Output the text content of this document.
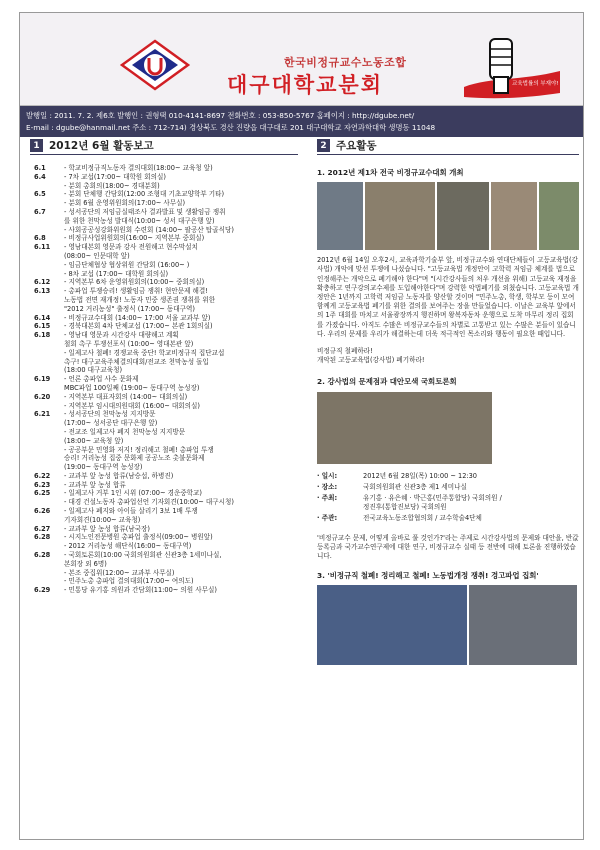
한국비정규교수노동조합
대구대학교분회	교육법률의 부재야!
발행일 : 2011. 7. 2. 제6호 발행인 : 권형택 010-4141-8697 전화번호 : 053-850-5767 홈페이지 : http://dgube.net/
E-mail : dgube@hanmail.net 주소 : 712-714) 경상북도 경산 진량읍 대구대로 201 대구대학교 자연과학대학 생명동 11048
1 2012년 6월 활동보고	2 주요활동
6.1	- 학교비정규직노동자 결의대회(18:00~ 교육청 앞)
6.4	- 7차 교섭(17:00~ 대학원 회의실)
- 분회 총회의(18:00~ 경대분회)
6.5	- 분회 단체행 간담회(12:00 조형대 기초교양학부 기타)
- 분회 6월 운영위원회의(17:00~ 사무실)
6.7	- 성서공단의 저임금실태조사 결과발표 및 생활임금 쟁취
를 위한 천막농성 발대식(10:00~ 성서 대구은행 앞)
- 사회공공성강화위원회 수련회 (14:00~ 팔공산 탑골식당)
6.8	- 비정규사업위원회의(16:00~ 지역본부 중회실)
6.11	- 영남대본회 영문과 강사 전원해고 현수막설치
(08:00~ 인문대학 앞)
- 임금단체협상 협상위원 간담회 (16:00~ )
- 8차 교섭 (17:00~ 대학원 회의실)
6.12	- 지역본부 6차 운영위원회의(10:00~ 중회의실)
6.13	- 총파업 투쟁승리! 생활임금 쟁취! 현안문제 해결!
노동법 전면 재개정! 노동자 민중 생존권 쟁취를 위한
"2012 거리농성" 출정식 (17:00~ 동대구역)
6.14	- 비정규교수대회 (14:00~ 17:00 서울 교과부 앞)
6.15	- 경북대본회 4차 단체교섭 (17:00~ 본관 1회의실)
6.18	- 영남대 영문과 시간강사 대량해고 계획
철회 촉구 투쟁선포식 (10:00~ 영대본관 앞)
- 일제고사 철폐! 경쟁교육 중단! 학교비정규직 집단교섭
촉구! 대구교육주체결의대회/전교조 천막농성 돌입
(18:00 대구교육청)
6.19	- 언론 총파업 사수 문화제
MBC파업 100일째 (19:00~ 동대구역 농성장)
6.20	- 지역본부 대표자회의 (14:00~ 대회의실)
- 지역본부 임시대의원대회 (16:00~ 대회의실)
6.21	- 성서공단의 천막농성 지지방문
(17:00~ 성서공단 대구은행 앞)
- 전교조 일제고사 폐지 천막농성 지지방문
(18:00~ 교육청 앞)
- 공공부문 민영화 저지! 정리해고 철폐! 총파업 투쟁
승리! 거리농성 집중 문화제 공공노조 촛불문화제
(19:00~ 동대구역 농성장)
6.22	- 교과부 앞 농성 합류(남승섭, 하병진)
6.23	- 교과부 앞 농성 합류
6.25	- 일제고사 거부 1인 시위 (07:00~ 경운중학교)
- 대경 건설노동자 총파업선언 기자회견(10:00~ 대구시청)
6.26	- 일제고사 폐지와 아이들 살리기 3보 1배 투쟁
기자회견(10:00~ 교육청)
6.27	- 교과부 앞 농성 합류(남국장)
6.28	- 시지노인전문병원 총파업 출정식(09:00~ 병원앞)
- 2012 거리농성 해단식(16:00~ 동대구역)
6.28	- 국회토론회(10:00 국회의원회관 신관3층 1세미나실,
본회장 외 6명)
- 본조 중집위(12:00~ 교과부 사무실)
- 민주노총 총파업 결의대회(17:00~ 여의도)
6.29	- 민통당 유기홍 의원과 간담회(11:00~ 의원 사무실)
1. 2012년 제1차 전국 비정규교수대회 개최

2012년 6월 14일 오후2시, 교육과학기술부 앞, 비정규교수와 연대단체들이 고등교육법(강사법) 개악에 맞선 투쟁에 나섰습니다. "고등교육법 개정안이 고학력 저임금 체계를 법으로 인정해주는 개악으로 폐기해야 한다"며 "(시간강사들의 처우 개선을 위해) 고등교육 재정을 확충하고 연구강의교수제를 도입해야한다"며 강력한 악법폐기를 외쳤습니다. 고등교육법 개정안은 1년까지 고학력 저임금 노동자를 양산할 것이며 "민주노총, 학생, 학부모 등이 모여 함께게 고등교육법 폐기를 위한 결의를 보여주는 장을 만들었습니다. 이날은 교육부 앞에서의 1주 대회를 마치고 서울광장까지 행진하며 왕복자동차 운행으로 도착 마무리 정리 집회를 가졌습니다. 아직도 수많은 비정규교수들의 차별로 고통받고 있는 수많은 분들이 있습니다. 우리의 문제를 우리가 해결하는데 더욱 적극적인 목소리와 행동이 필요한 때입니다.

비정규직 철폐하라!
개악된 고등교육법(강사법) 폐기하라!
2. 강사법의 문제점과 대안모색 국회토론회
· 일시:	2012년 6월 28일(목) 10:00 ~ 12:30
· 장소:	국회의원회관 신관3층 제1 세미나실
· 주최:	유기홍 · 유은혜 · 박근홍(민주통합당) 국회의원 /
정진후(통합진보당) 국회의원
· 주관:	전국교육노동조합협의회 / 교수학술4단체

'비정규교수 문제, 어떻게 올바로 풀 것인가?'라는 주제로 시간강사법의 문제와 대안을, 반값등록금과 국가교수연구제에 대한 연구, 비정규교수 실태 등 전반에 대해 토론을 진행하였습니다.

3. '비정규직 철폐! 정리해고 철폐! 노동법개정 쟁취! 경고파업 집회'
